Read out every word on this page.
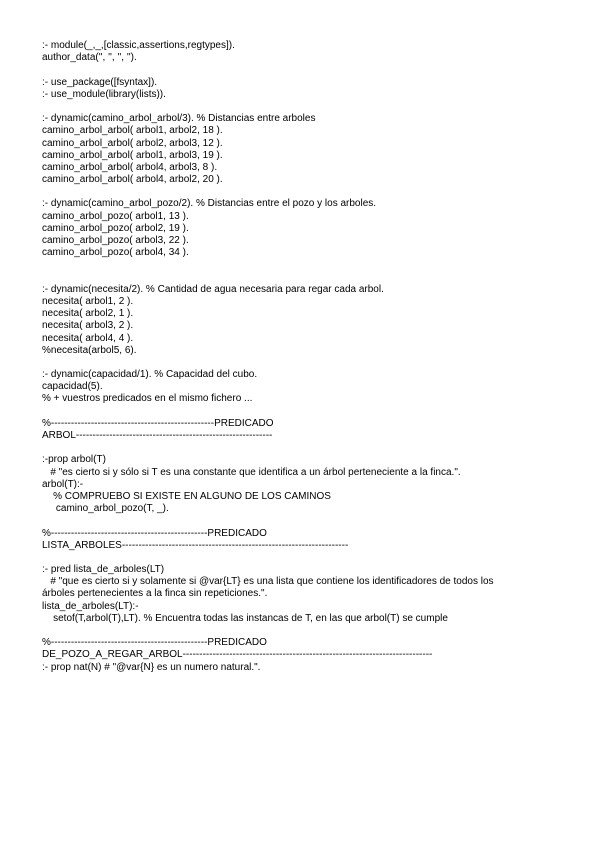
:- module(_,_,[classic,assertions,regtypes]).
author_data('', '', '', '').
:- use_package([fsyntax]).
:- use_module(library(lists)).
:- dynamic(camino_arbol_arbol/3). % Distancias entre arboles
camino_arbol_arbol( arbol1, arbol2, 18 ).
camino_arbol_arbol( arbol2, arbol3, 12 ).
camino_arbol_arbol( arbol1, arbol3, 19 ).
camino_arbol_arbol( arbol4, arbol3, 8 ).
camino_arbol_arbol( arbol4, arbol2, 20 ).
:- dynamic(camino_arbol_pozo/2). % Distancias entre el pozo y los arboles.
camino_arbol_pozo( arbol1, 13 ).
camino_arbol_pozo( arbol2, 19 ).
camino_arbol_pozo( arbol3, 22 ).
camino_arbol_pozo( arbol4, 34 ).
:- dynamic(necesita/2). % Cantidad de agua necesaria para regar cada arbol.
necesita( arbol1, 2 ).
necesita( arbol2, 1 ).
necesita( arbol3, 2 ).
necesita( arbol4, 4 ).
%necesita(arbol5, 6).
:- dynamic(capacidad/1). % Capacidad del cubo.
capacidad(5).
% + vuestros predicados en el mismo fichero ...
%-------------------------------------------------PREDICADO
ARBOL-----------------------------------------------------------
:-prop arbol(T)
# "es cierto si y sólo si T es una constante que identifica a un árbol perteneciente a la finca.".
arbol(T):-
% COMPRUEBO SI EXISTE EN ALGUNO DE LOS CAMINOS
camino_arbol_pozo(T, _).
%-----------------------------------------------PREDICADO
LISTA_ARBOLES--------------------------------------------------------------------
:- pred lista_de_arboles(LT)
# "que es cierto si y solamente si @var{LT} es una lista que contiene los identificadores de todos los
árboles pertenecientes a la finca sin repeticiones.".
lista_de_arboles(LT):-
setof(T,arbol(T),LT). % Encuentra todas las instancas de T, en las que arbol(T) se cumple
%-----------------------------------------------PREDICADO
DE_POZO_A_REGAR_ARBOL---------------------------------------------------------------------------
:- prop nat(N) # "@var{N} es un numero natural.".
